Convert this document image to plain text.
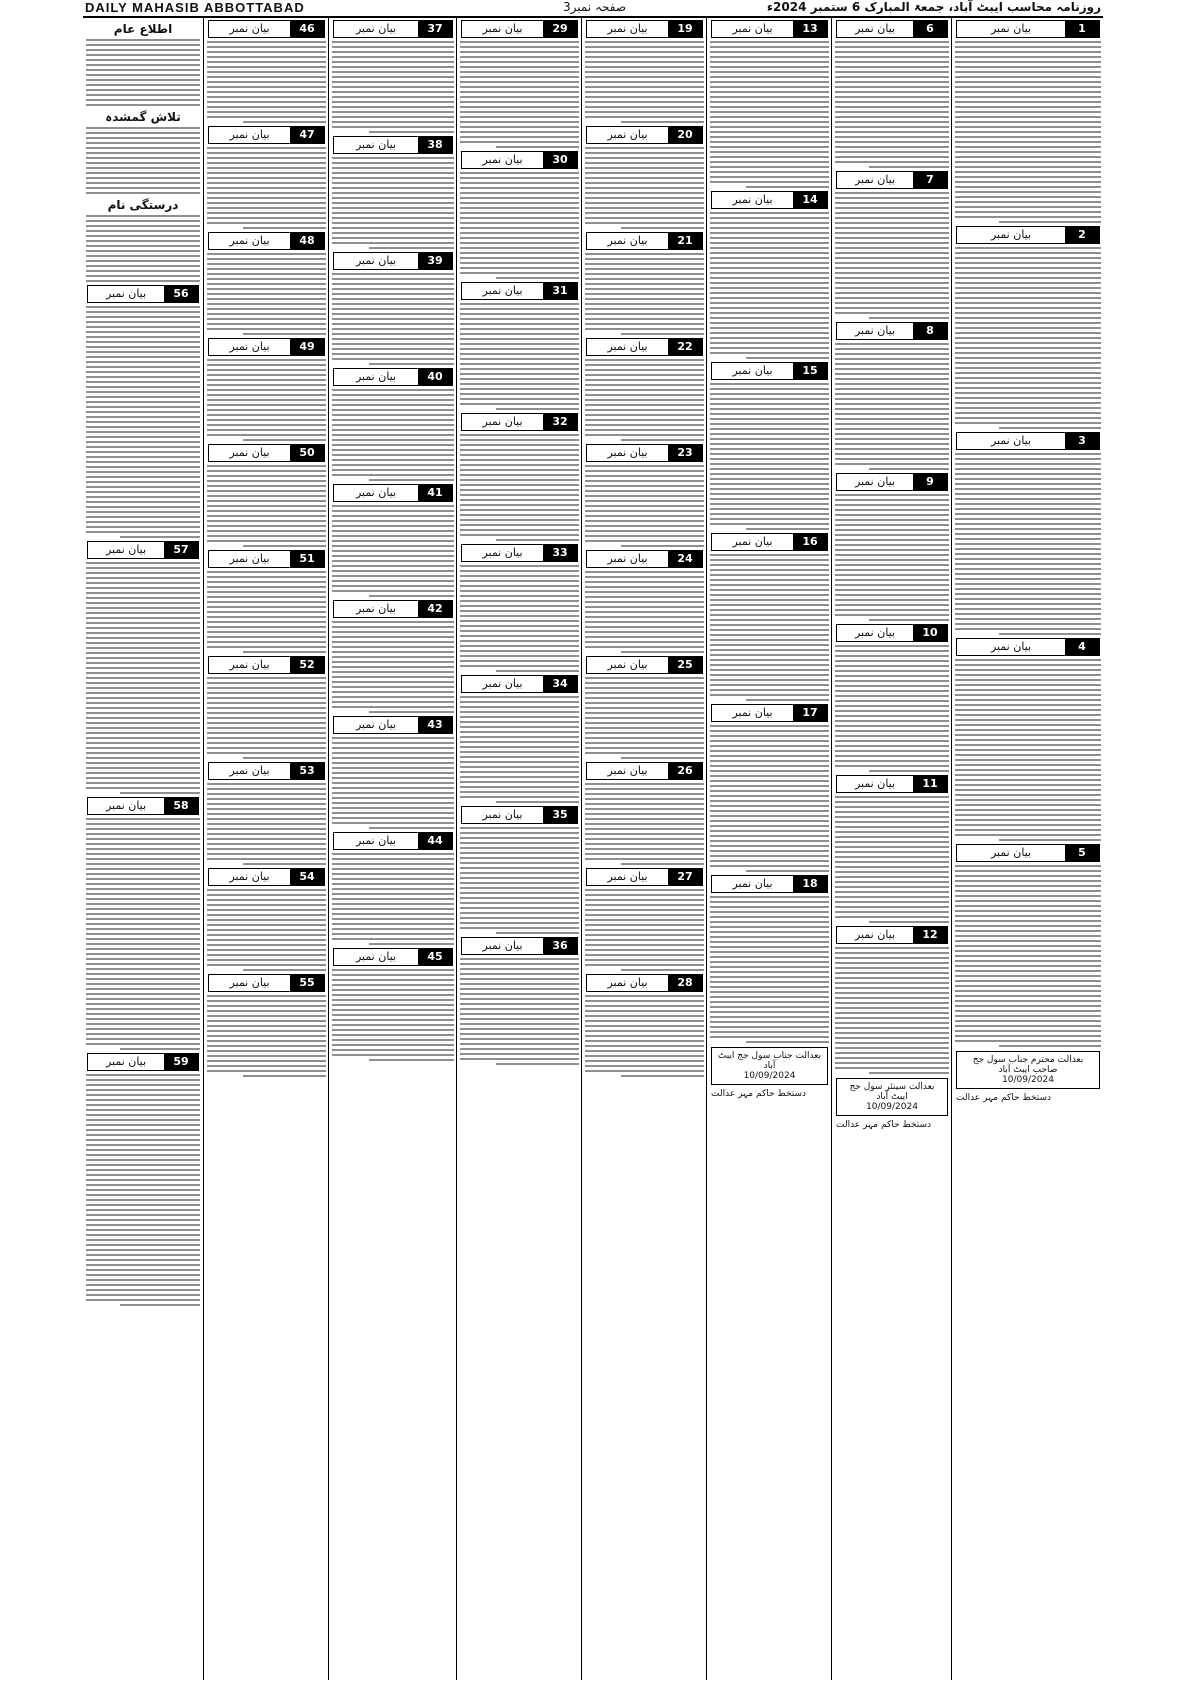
DAILY MAHASIB ABBOTTABAD	صفحہ نمبر3	روزنامہ محاسب ایبٹ آباد، جمعۃ المبارک 6 ستمبر 2024ء
اطلاع عام
تلاش گمشدہ
درستگی نام
بیان نمبر	56
بیان نمبر	57
بیان نمبر	58
بیان نمبر	59
بیان نمبر	46
بیان نمبر	47
بیان نمبر	48
بیان نمبر	49
بیان نمبر	50
بیان نمبر	51
بیان نمبر	52
بیان نمبر	53
بیان نمبر	54
بیان نمبر	55
بیان نمبر	37
بیان نمبر	38
بیان نمبر	39
بیان نمبر	40
بیان نمبر	41
بیان نمبر	42
بیان نمبر	43
بیان نمبر	44
بیان نمبر	45
بیان نمبر	29
بیان نمبر	30
بیان نمبر	31
بیان نمبر	32
بیان نمبر	33
بیان نمبر	34
بیان نمبر	35
بیان نمبر	36
بیان نمبر	19
بیان نمبر	20
بیان نمبر	21
بیان نمبر	22
بیان نمبر	23
بیان نمبر	24
بیان نمبر	25
بیان نمبر	26
بیان نمبر	27
بیان نمبر	28
بیان نمبر	13
بیان نمبر	14
بیان نمبر	15
بیان نمبر	16
بیان نمبر	17
بیان نمبر	18
بعدالت جناب سول جج ایبٹ آباد
10/09/2024
دستخط حاکم مہر عدالت
بیان نمبر	6
بیان نمبر	7
بیان نمبر	8
بیان نمبر	9
بیان نمبر	10
بیان نمبر	11
بیان نمبر	12
بعدالت سینئر سول جج ایبٹ آباد
10/09/2024
دستخط حاکم مہر عدالت
بیان نمبر	1
بیان نمبر	2
بیان نمبر	3
بیان نمبر	4
بیان نمبر	5
بعدالت محترم جناب سول جج صاحب ایبٹ آباد
10/09/2024
دستخط حاکم مہر عدالت
